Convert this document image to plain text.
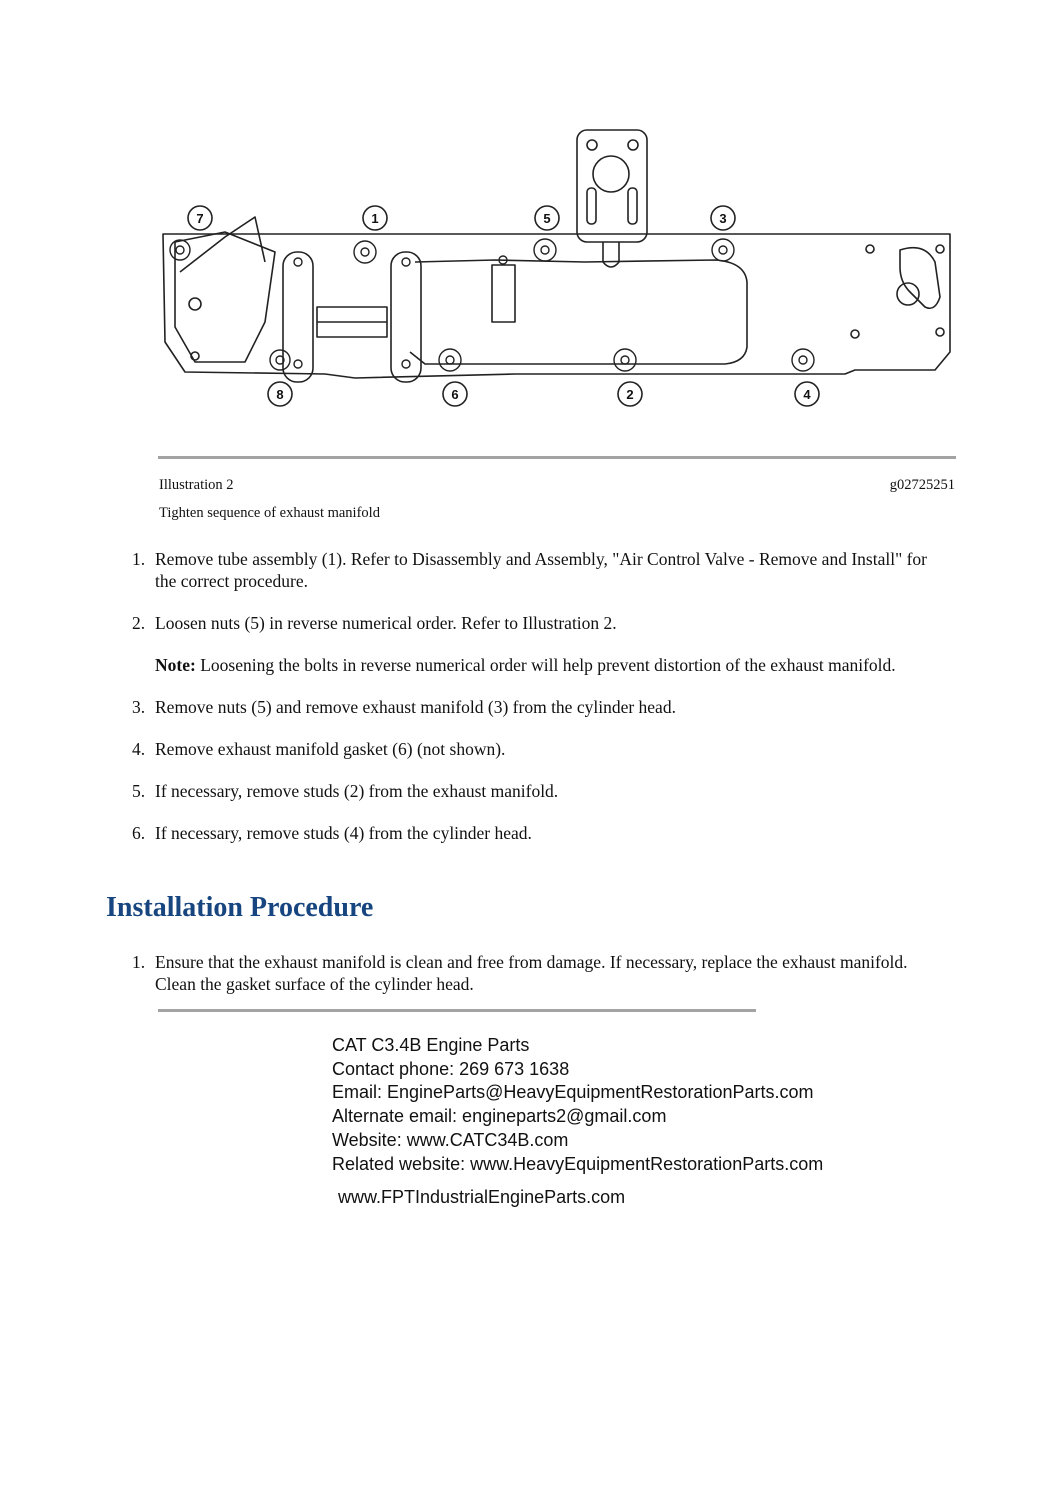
7	1	5	3
8	6	2	4
Illustration 2	g02725251
Tighten sequence of exhaust manifold
1. Remove tube assembly (1). Refer to Disassembly and Assembly, "Air Control Valve - Remove and Install" for the correct procedure.
2. Loosen nuts (5) in reverse numerical order. Refer to Illustration 2.
Note: Loosening the bolts in reverse numerical order will help prevent distortion of the exhaust manifold.
3. Remove nuts (5) and remove exhaust manifold (3) from the cylinder head.
4. Remove exhaust manifold gasket (6) (not shown).
5. If necessary, remove studs (2) from the exhaust manifold.
6. If necessary, remove studs (4) from the cylinder head.
Installation Procedure
1. Ensure that the exhaust manifold is clean and free from damage. If necessary, replace the exhaust manifold. Clean the gasket surface of the cylinder head.
CAT C3.4B Engine Parts
Contact phone: 269 673 1638
Email: EngineParts@HeavyEquipmentRestorationParts.com
Alternate email: engineparts2@gmail.com
Website: www.CATC34B.com
Related website: www.HeavyEquipmentRestorationParts.com
www.FPTIndustrialEngineParts.com
